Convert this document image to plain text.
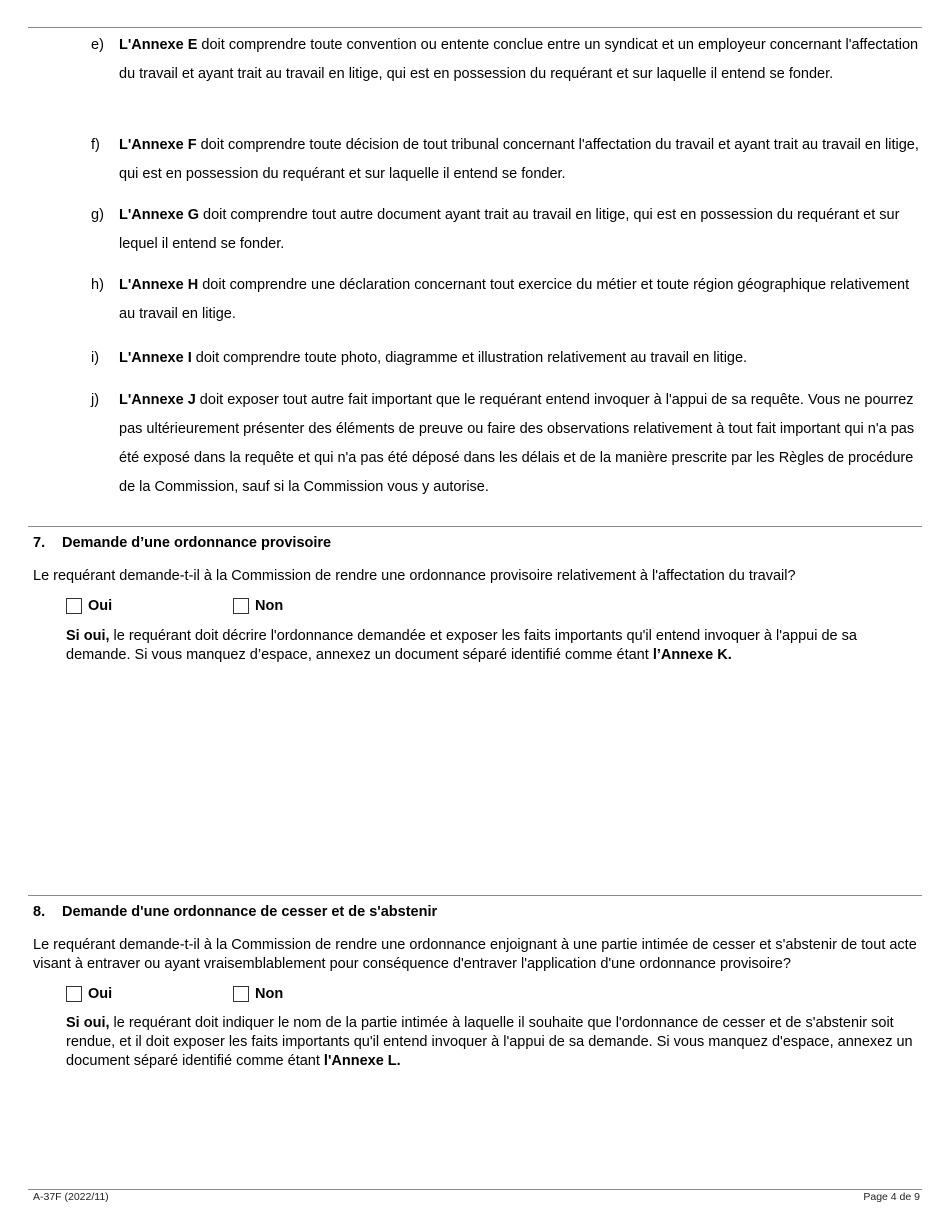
e) L'Annexe E doit comprendre toute convention ou entente conclue entre un syndicat et un employeur concernant l'affectation du travail et ayant trait au travail en litige, qui est en possession du requérant et sur laquelle il entend se fonder.
f) L'Annexe F doit comprendre toute décision de tout tribunal concernant l'affectation du travail et ayant trait au travail en litige, qui est en possession du requérant et sur laquelle il entend se fonder.
g) L'Annexe G doit comprendre tout autre document ayant trait au travail en litige, qui est en possession du requérant et sur lequel il entend se fonder.
h) L'Annexe H doit comprendre une déclaration concernant tout exercice du métier et toute région géographique relativement au travail en litige.
i) L'Annexe I doit comprendre toute photo, diagramme et illustration relativement au travail en litige.
j) L'Annexe J doit exposer tout autre fait important que le requérant entend invoquer à l'appui de sa requête. Vous ne pourrez pas ultérieurement présenter des éléments de preuve ou faire des observations relativement à tout fait important qui n'a pas été exposé dans la requête et qui n'a pas été déposé dans les délais et de la manière prescrite par les Règles de procédure de la Commission, sauf si la Commission vous y autorise.
7. Demande d’une ordonnance provisoire
Le requérant demande-t-il à la Commission de rendre une ordonnance provisoire relativement à l'affectation du travail?
Oui	Non
Si oui, le requérant doit décrire l'ordonnance demandée et exposer les faits importants qu'il entend invoquer à l'appui de sa demande. Si vous manquez d’espace, annexez un document séparé identifié comme étant l’Annexe K.
8. Demande d'une ordonnance de cesser et de s'abstenir
Le requérant demande-t-il à la Commission de rendre une ordonnance enjoignant à une partie intimée de cesser et s'abstenir de tout acte visant à entraver ou ayant vraisemblablement pour conséquence d'entraver l'application d'une ordonnance provisoire?
Oui	Non
Si oui, le requérant doit indiquer le nom de la partie intimée à laquelle il souhaite que l'ordonnance de cesser et de s'abstenir soit rendue, et il doit exposer les faits importants qu'il entend invoquer à l'appui de sa demande. Si vous manquez d'espace, annexez un document séparé identifié comme étant l'Annexe L.
A-37F (2022/11)	Page 4 de 9
